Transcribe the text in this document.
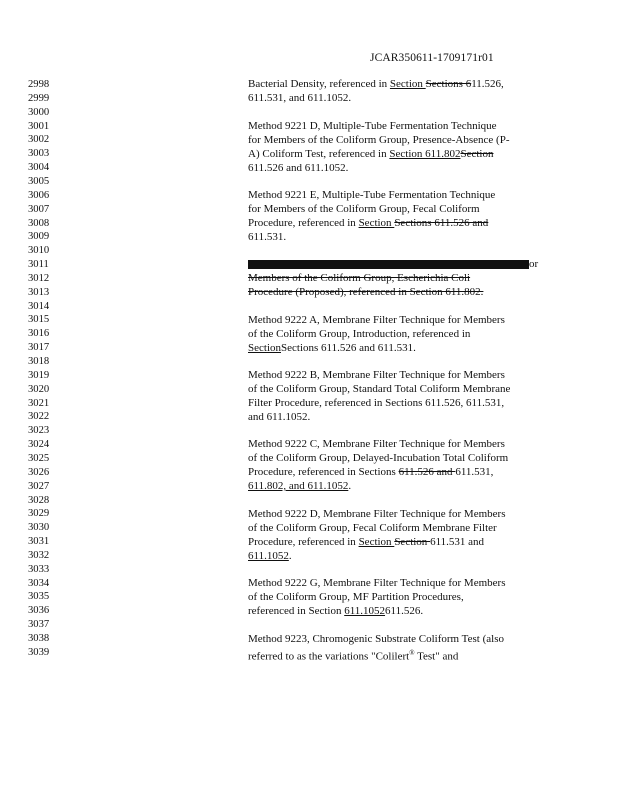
JCAR350611-1709171r01
2998
2999
3000
3001
3002
3003
3004
3005
3006
3007
3008
3009
3010
3011
3012
3013
3014
3015
3016
3017
3018
3019
3020
3021
3022
3023
3024
3025
3026
3027
3028
3029
3030
3031
3032
3033
3034
3035
3036
3037
3038
3039
Bacterial Density, referenced in Section Sections 611.526,
611.531, and 611.1052.
Method 9221 D, Multiple-Tube Fermentation Technique
for Members of the Coliform Group, Presence-Absence (P-
A) Coliform Test, referenced in Section 611.802Section
611.526 and 611.1052.
Method 9221 E, Multiple-Tube Fermentation Technique
for Members of the Coliform Group, Fecal Coliform
Procedure, referenced in Section Sections 611.526 and
611.531.
or
Members of the Coliform Group, Escherichia Coli
Procedure (Proposed), referenced in Section 611.802.
Method 9222 A, Membrane Filter Technique for Members
of the Coliform Group, Introduction, referenced in
SectionSections 611.526 and 611.531.
Method 9222 B, Membrane Filter Technique for Members
of the Coliform Group, Standard Total Coliform Membrane
Filter Procedure, referenced in Sections 611.526, 611.531,
and 611.1052.
Method 9222 C, Membrane Filter Technique for Members
of the Coliform Group, Delayed-Incubation Total Coliform
Procedure, referenced in Sections 611.526 and 611.531,
611.802, and 611.1052.
Method 9222 D, Membrane Filter Technique for Members
of the Coliform Group, Fecal Coliform Membrane Filter
Procedure, referenced in Section Section 611.531 and
611.1052.
Method 9222 G, Membrane Filter Technique for Members
of the Coliform Group, MF Partition Procedures,
referenced in Section 611.1052611.526.
Method 9223, Chromogenic Substrate Coliform Test (also
referred to as the variations "Colilert® Test" and
